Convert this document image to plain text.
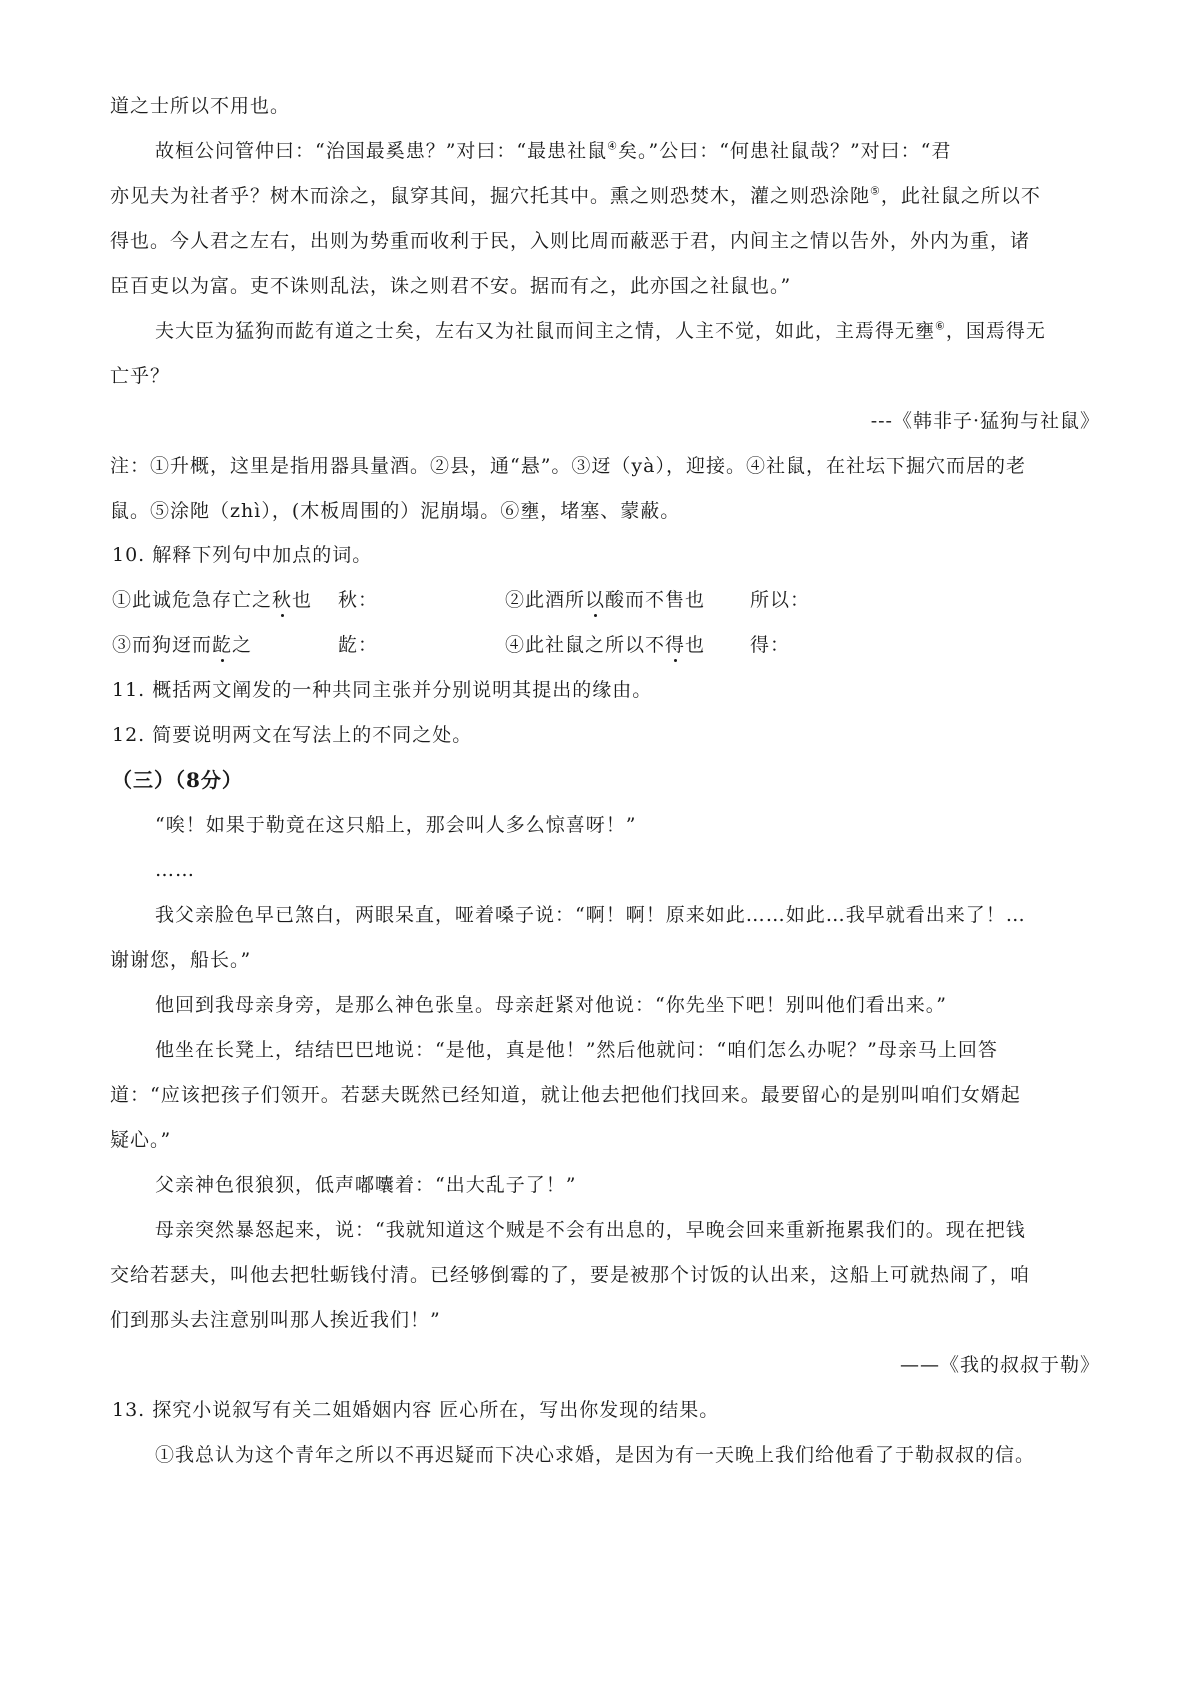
道之士所以不用也。
故桓公问管仲曰：“治国最奚患？”对曰：“最患社鼠④矣。”公曰：“何患社鼠哉？”对曰：“君
亦见夫为社者乎？树木而涂之，鼠穿其间，掘穴托其中。熏之则恐焚木，灌之则恐涂阤⑤，此社鼠之所以不
得也。今人君之左右，出则为势重而收利于民，入则比周而蔽恶于君，内间主之情以告外，外内为重，诸
臣百吏以为富。吏不诛则乱法，诛之则君不安。据而有之，此亦国之社鼠也。”
夫大臣为猛狗而龁有道之士矣，左右又为社鼠而间主之情，人主不觉，如此，主焉得无壅⑥，国焉得无
亡乎？
---《韩非子·猛狗与社鼠》
注：①升概，这里是指用器具量酒。②县，通“悬”。③迓（yà），迎接。④社鼠，在社坛下掘穴而居的老
鼠。⑤涂阤（zhì），(木板周围的）泥崩塌。⑥壅，堵塞、蒙蔽。
10. 解释下列句中加点的词。
①此诚危急存亡之秋也 秋：	②此酒所以酸而不售也 所以：
③而狗迓而龁之	龁：	④此社鼠之所以不得也 得：
11. 概括两文阐发的一种共同主张并分别说明其提出的缘由。
12. 简要说明两文在写法上的不同之处。
（三）（8分）
“唉！如果于勒竟在这只船上，那会叫人多么惊喜呀！”
……
我父亲脸色早已煞白，两眼呆直，哑着嗓子说：“啊！啊！原来如此……如此…我早就看出来了！…
谢谢您，船长。”
他回到我母亲身旁，是那么神色张皇。母亲赶紧对他说：“你先坐下吧！别叫他们看出来。”
他坐在长凳上，结结巴巴地说：“是他，真是他！”然后他就问：“咱们怎么办呢？”母亲马上回答
道：“应该把孩子们领开。若瑟夫既然已经知道，就让他去把他们找回来。最要留心的是别叫咱们女婿起
疑心。”
父亲神色很狼狈，低声嘟囔着：“出大乱子了！”
母亲突然暴怒起来，说：“我就知道这个贼是不会有出息的，早晚会回来重新拖累我们的。现在把钱
交给若瑟夫，叫他去把牡蛎钱付清。已经够倒霉的了，要是被那个讨饭的认出来，这船上可就热闹了，咱
们到那头去注意别叫那人挨近我们！”
——《我的叔叔于勒》
13. 探究小说叙写有关二姐婚姻内容 匠心所在，写出你发现的结果。
①我总认为这个青年之所以不再迟疑而下决心求婚，是因为有一天晚上我们给他看了于勒叔叔的信。
